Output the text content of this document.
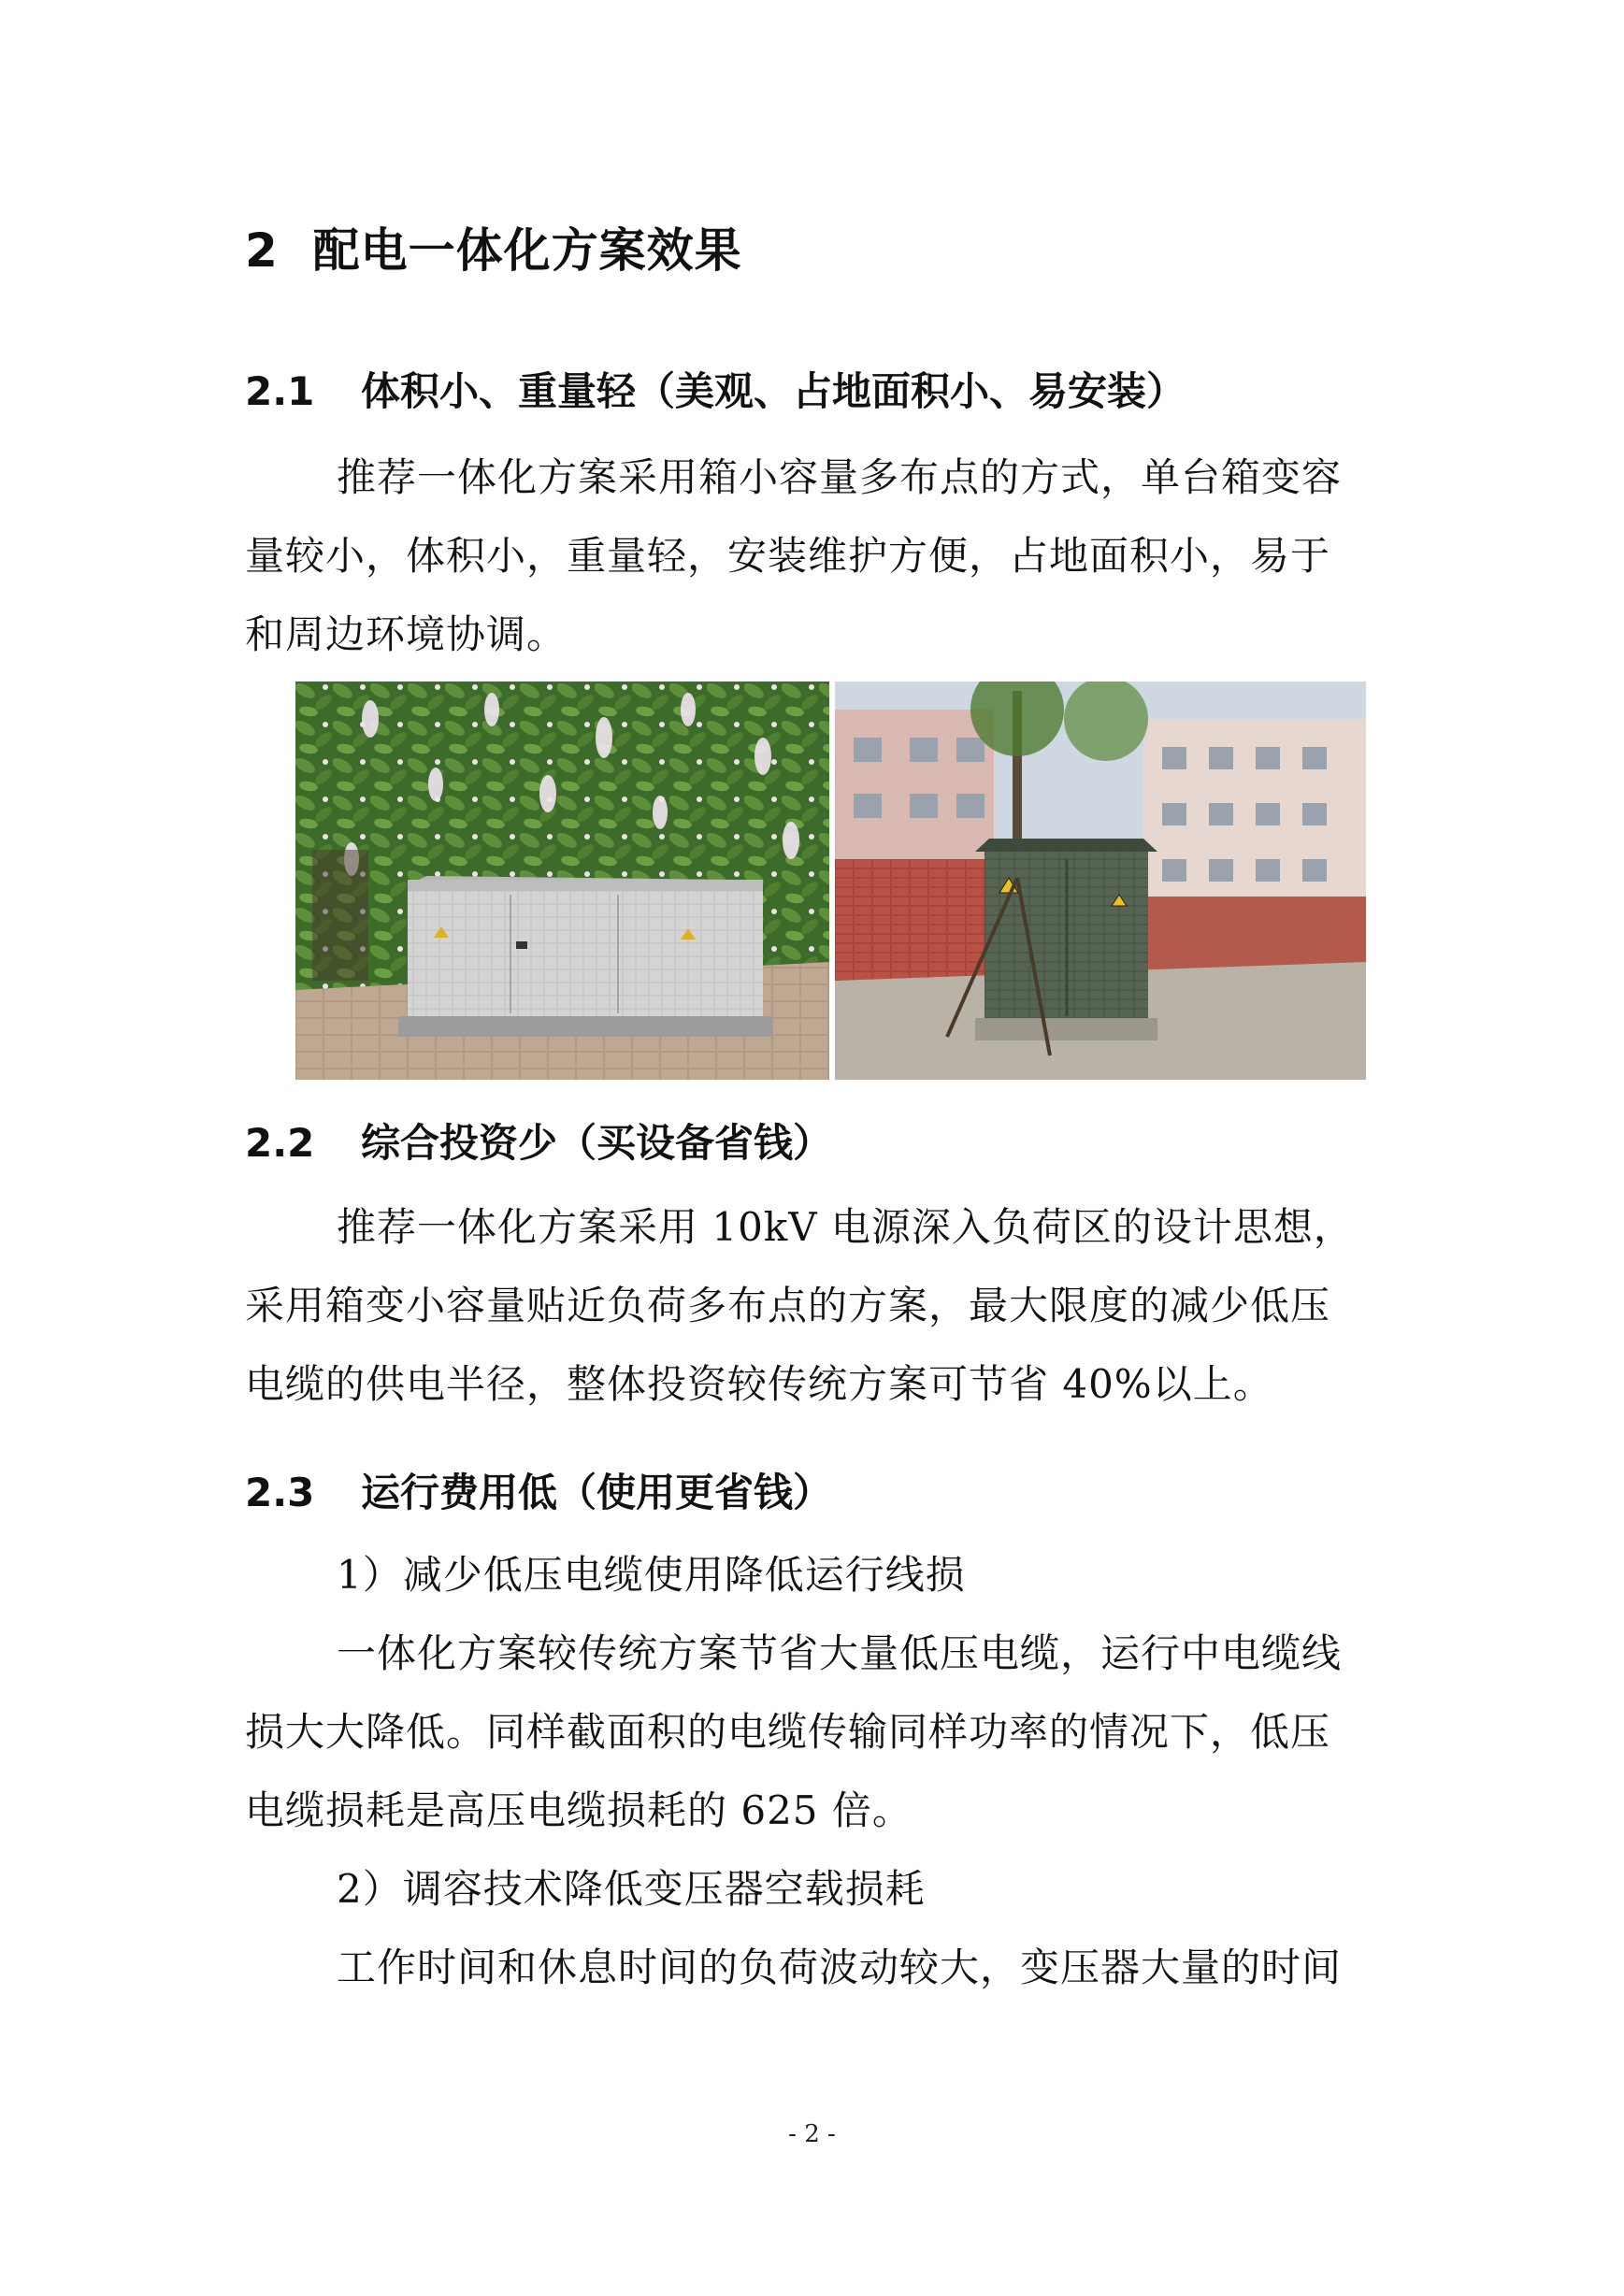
2 配电一体化方案效果
2.1 体积小、重量轻（美观、占地面积小、易安装）
推荐一体化方案采用箱小容量多布点的方式，单台箱变容
量较小，体积小，重量轻，安装维护方便，占地面积小，易于
和周边环境协调。
2.2 综合投资少（买设备省钱）
推荐一体化方案采用 10kV 电源深入负荷区的设计思想，
采用箱变小容量贴近负荷多布点的方案，最大限度的减少低压
电缆的供电半径，整体投资较传统方案可节省 40%以上。
2.3 运行费用低（使用更省钱）
1）减少低压电缆使用降低运行线损
一体化方案较传统方案节省大量低压电缆，运行中电缆线
损大大降低。同样截面积的电缆传输同样功率的情况下，低压
电缆损耗是高压电缆损耗的 625 倍。
2）调容技术降低变压器空载损耗
工作时间和休息时间的负荷波动较大，变压器大量的时间
- 2 -
